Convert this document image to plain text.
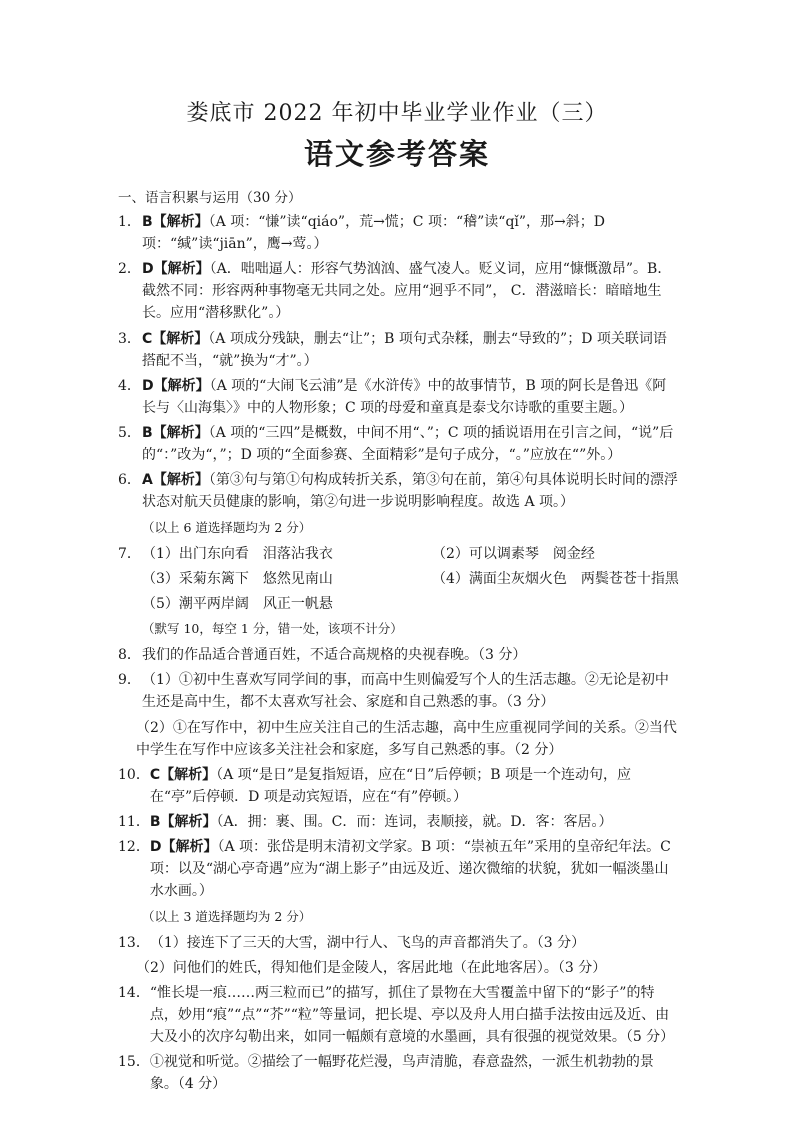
娄底市 2022 年初中毕业学业作业（三）
语文参考答案
一、语言积累与运用（30 分）
1． B【解析】（A 项：“慊”读“qiáo”，荒→慌；C 项：“稽”读“qǐ”，那→斜；D 项：“缄”读“jiān”，鹰→莺。）
2． D【解析】（A．咄咄逼人：形容气势汹汹、盛气凌人。贬义词，应用“慷慨激昂”。B．截然不同：形容两种事物毫无共同之处。应用“迥乎不同”， C．潜滋暗长：暗暗地生长。应用“潜移默化”。）
3． C【解析】（A 项成分残缺，删去“让”；B 项句式杂糅，删去“导致的”；D 项关联词语搭配不当，“就”换为“才”。）
4． D【解析】（A 项的“大闹飞云浦”是《水浒传》中的故事情节，B 项的阿长是鲁迅《阿长与〈山海集〉》中的人物形象；C 项的母爱和童真是泰戈尔诗歌的重要主题。）
5． B【解析】（A 项的“三四”是概数，中间不用“、”；C 项的插说语用在引言之间，“说”后的“：”改为“，”；D 项的“全面参赛、全面精彩”是句子成分，“。”应放在“”外。）
6． A【解析】（第③句与第①句构成转折关系，第③句在前，第④句具体说明长时间的漂浮状态对航天员健康的影响，第②句进一步说明影响程度。故选 A 项。）
（以上 6 道选择题均为 2 分）
7． （1）出门东向看　泪落沾我衣	（2）可以调素琴　阅金经
（3）采菊东篱下　悠然见南山	（4）满面尘灰烟火色　两鬓苍苍十指黑
（5）潮平两岸阔　风正一帆悬
（默写 10，每空 1 分，错一处，该项不计分）
8． 我们的作品适合普通百姓，不适合高规格的央视春晚。（3 分）
9． （1）①初中生喜欢写同学间的事，而高中生则偏爱写个人的生活志趣。②无论是初中生还是高中生，都不太喜欢写社会、家庭和自己熟悉的事。（3 分）
（2）①在写作中，初中生应关注自己的生活志趣，高中生应重视同学间的关系。②当代中学生在写作中应该多关注社会和家庭，多写自己熟悉的事。（2 分）
10． C【解析】（A 项“是日”是复指短语，应在“日”后停顿；B 项是一个连动句，应在“亭”后停顿．D 项是动宾短语，应在“有”停顿。）
11． B【解析】（A．拥：裹、围。C．而：连词，表顺接，就。D．客：客居。）
12． D【解析】（A 项：张岱是明末清初文学家。B 项：“崇祯五年”采用的皇帝纪年法。C 项：以及“湖心亭奇遇”应为“湖上影子”由远及近、递次微缩的状貌，犹如一幅淡墨山水水画。）
（以上 3 道选择题均为 2 分）
13． （1）接连下了三天的大雪，湖中行人、飞鸟的声音都消失了。（3 分）
（2）问他们的姓氏，得知他们是金陵人，客居此地（在此地客居）。（3 分）
14． “惟长堤一痕……两三粒而已”的描写，抓住了景物在大雪覆盖中留下的“影子”的特点，妙用“痕”“点”“芥”“粒”等量词，把长堤、亭以及舟人用白描手法按由远及近、由大及小的次序勾勒出来，如同一幅颇有意境的水墨画，具有很强的视觉效果。（5 分）
15． ①视觉和听觉。②描绘了一幅野花烂漫，鸟声清脆，春意盎然，一派生机勃勃的景象。（4 分）
